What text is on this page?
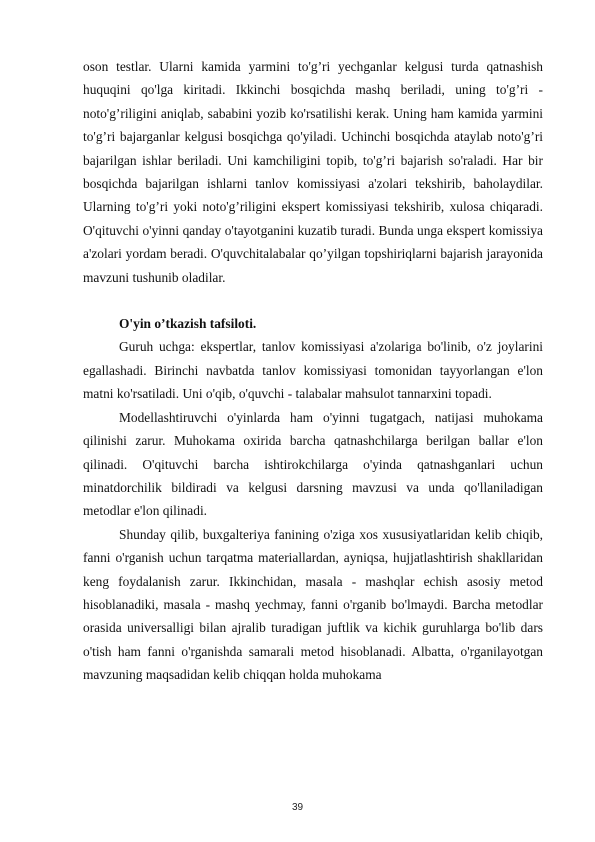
oson testlar. Ularni kamida yarmini to'g’ri yechganlar kelgusi turda qatnashish huquqini qo'lga kiritadi. Ikkinchi bosqichda mashq beriladi, uning to'g’ri - noto'g’riligini aniqlab, sababini yozib ko'rsatilishi kerak. Uning ham kamida yarmini to'g’ri bajarganlar kelgusi bosqichga qo'yiladi. Uchinchi bosqichda ataylab noto'g’ri bajarilgan ishlar beriladi. Uni kamchiligini topib, to'g’ri bajarish so'raladi. Har bir bosqichda bajarilgan ishlarni tanlov komissiyasi a'zolari tekshirib, baholaydilar. Ularning to'g’ri yoki noto'g’riligini ekspert komissiyasi tekshirib, xulosa chiqaradi. O'qituvchi o'yinni qanday o'tayotganini kuzatib turadi. Bunda unga ekspert komissiya a'zolari yordam beradi. O'quvchitalabalar qo’yilgan topshiriqlarni bajarish jarayonida mavzuni tushunib oladilar.

O'yin o’tkazish tafsiloti.

Guruh uchga: ekspertlar, tanlov komissiyasi a'zolariga bo'linib, o'z joylarini egallashadi. Birinchi navbatda tanlov komissiyasi tomonidan tayyorlangan e'lon matni ko'rsatiladi. Uni o'qib, o'quvchi - talabalar mahsulot tannarxini topadi.

Modellashtiruvchi o'yinlarda ham o'yinni tugatgach, natijasi muhokama qilinishi zarur. Muhokama oxirida barcha qatnashchilarga berilgan ballar e'lon qilinadi. O'qituvchi barcha ishtirokchilarga o'yinda qatnashganlari uchun minatdorchilik bildiradi va kelgusi darsning mavzusi va unda qo'llaniladigan metodlar e'lon qilinadi.

Shunday qilib, buxgalteriya fanining o'ziga xos xususiyatlaridan kelib chiqib, fanni o'rganish uchun tarqatma materiallardan, ayniqsa, hujjatlashtirish shakllaridan keng foydalanish zarur. Ikkinchidan, masala - mashqlar echish asosiy metod hisoblanadiki, masala - mashq yechmay, fanni o'rganib bo'lmaydi. Barcha metodlar orasida universalligi bilan ajralib turadigan juftlik va kichik guruhlarga bo'lib dars o'tish ham fanni o'rganishda samarali metod hisoblanadi. Albatta, o'rganilayotgan mavzuning maqsadidan kelib chiqqan holda muhokama

39
